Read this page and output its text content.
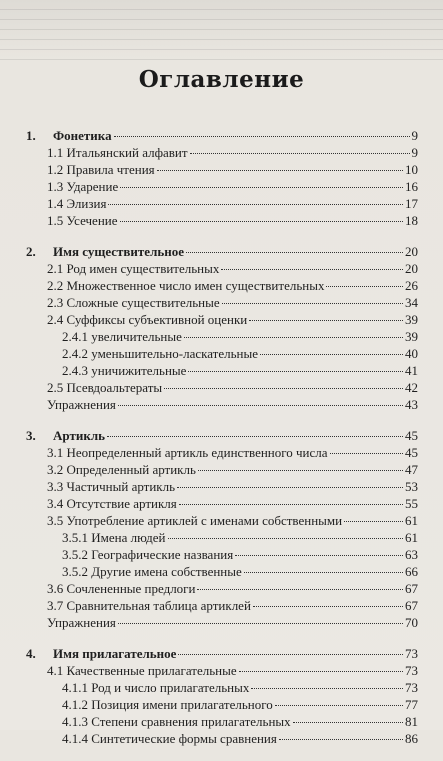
Оглавление
1.	Фонетика	9
1.1 Итальянский алфавит	9
1.2 Правила чтения	10
1.3 Ударение	16
1.4 Элизия	17
1.5 Усечение	18
2.	Имя существительное	20
2.1 Род имен существительных	20
2.2 Множественное число имен существительных	26
2.3 Сложные существительные	34
2.4 Суффиксы субъективной оценки	39
2.4.1 увеличительные	39
2.4.2 уменьшительно-ласкательные	40
2.4.3 уничижительные	41
2.5 Псевдоальтераты	42
Упражнения	43
3.	Артикль	45
3.1 Неопределенный артикль единственного числа	45
3.2 Определенный артикль	47
3.3 Частичный артикль	53
3.4 Отсутствие артикля	55
3.5 Употребление артиклей с именами собственными	61
3.5.1 Имена людей	61
3.5.2 Географические названия	63
3.5.2 Другие имена собственные	66
3.6 Сочлененные предлоги	67
3.7 Сравнительная таблица артиклей	67
Упражнения	70
4.	Имя прилагательное	73
4.1 Качественные прилагательные	73
4.1.1 Род и число прилагательных	73
4.1.2 Позиция имени прилагательного	77
4.1.3 Степени сравнения прилагательных	81
4.1.4 Синтетические формы сравнения	86
